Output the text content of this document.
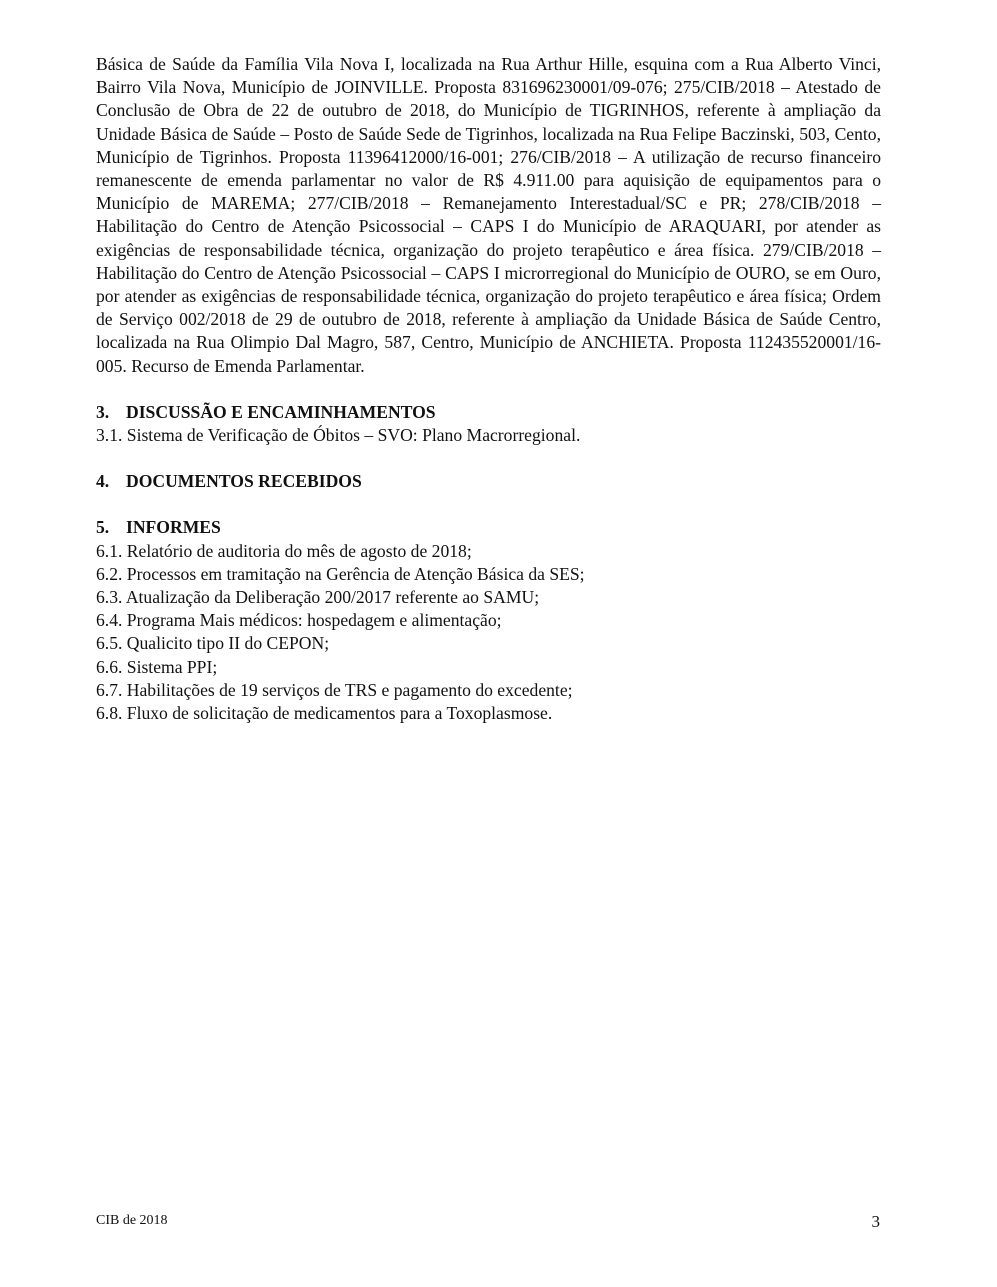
Básica de Saúde da Família Vila Nova I, localizada na Rua Arthur Hille, esquina com a Rua Alberto Vinci, Bairro Vila Nova, Município de JOINVILLE. Proposta 831696230001/09-076; 275/CIB/2018 – Atestado de Conclusão de Obra de 22 de outubro de 2018, do Município de TIGRINHOS, referente à ampliação da Unidade Básica de Saúde – Posto de Saúde Sede de Tigrinhos, localizada na Rua Felipe Baczinski, 503, Cento, Município de Tigrinhos. Proposta 11396412000/16-001; 276/CIB/2018 – A utilização de recurso financeiro remanescente de emenda parlamentar no valor de R$ 4.911.00 para aquisição de equipamentos para o Município de MAREMA; 277/CIB/2018 – Remanejamento Interestadual/SC e PR; 278/CIB/2018 – Habilitação do Centro de Atenção Psicossocial – CAPS I do Município de ARAQUARI, por atender as exigências de responsabilidade técnica, organização do projeto terapêutico e área física. 279/CIB/2018 – Habilitação do Centro de Atenção Psicossocial – CAPS I microrregional do Município de OURO, se em Ouro, por atender as exigências de responsabilidade técnica, organização do projeto terapêutico e área física; Ordem de Serviço 002/2018 de 29 de outubro de 2018, referente à ampliação da Unidade Básica de Saúde Centro, localizada na Rua Olimpio Dal Magro, 587, Centro, Município de ANCHIETA. Proposta 112435520001/16-005. Recurso de Emenda Parlamentar.

3. DISCUSSÃO E ENCAMINHAMENTOS

3.1. Sistema de Verificação de Óbitos – SVO: Plano Macrorregional.

4. DOCUMENTOS RECEBIDOS

5. INFORMES

6.1. Relatório de auditoria do mês de agosto de 2018;

6.2. Processos em tramitação na Gerência de Atenção Básica da SES;

6.3. Atualização da Deliberação 200/2017 referente ao SAMU;

6.4. Programa Mais médicos: hospedagem e alimentação;

6.5. Qualicito tipo II do CEPON;

6.6. Sistema PPI;

6.7. Habilitações de 19 serviços de TRS e pagamento do excedente;

6.8. Fluxo de solicitação de medicamentos para a Toxoplasmose.

CIB de 2018	3
